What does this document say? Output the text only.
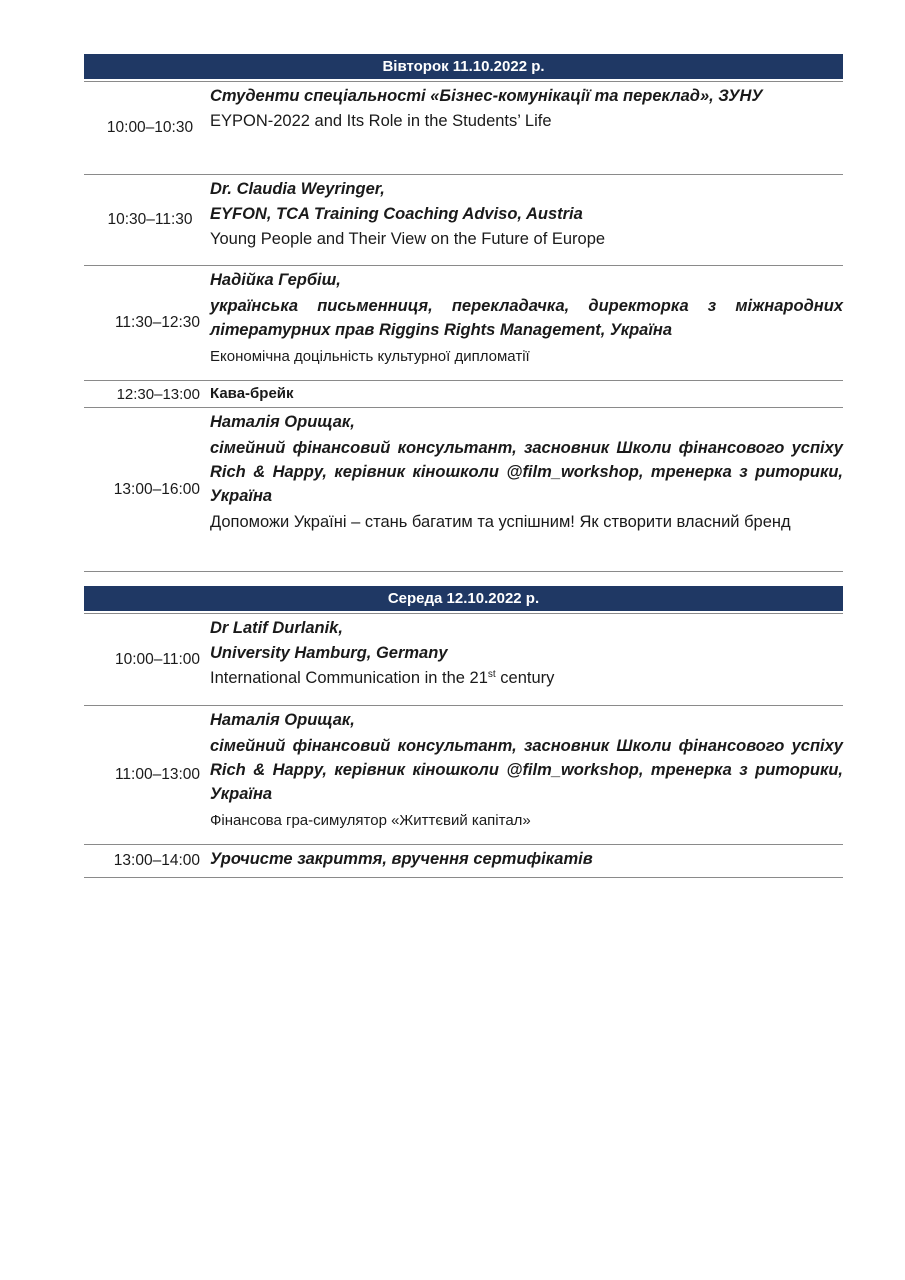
Вівторок 11.10.2022 р.
10:00–10:30
Студенти спеціальності «Бізнес-комунікації та переклад», ЗУНУ
EYPON-2022 and Its Role in the Students’ Life
10:30–11:30
Dr. Claudia Weyringer,
EYFON, TCA Training Coaching Adviso, Austria
Young People and Their View on the Future of Europe
11:30–12:30
Надійка Гербіш,
українська письменниця, перекладачка, директорка з міжнародних літературних прав Riggins Rights Management, Україна
Економічна доцільність культурної дипломатії
12:30–13:00 Кава-брейк
13:00–16:00
Наталія Орищак,
сімейний фінансовий консультант, засновник Школи фінансового успіху Rich & Happy, керівник кіношколи @film_workshop, тренерка з риторики, Україна
Допоможи Україні – стань багатим та успішним! Як створити власний бренд
Середа 12.10.2022 р.
10:00–11:00
Dr Latif Durlanik,
University Hamburg, Germany
International Communication in the 21st century
11:00–13:00
Наталія Орищак,
сімейний фінансовий консультант, засновник Школи фінансового успіху Rich & Happy, керівник кіношколи @film_workshop, тренерка з риторики, Україна
Фінансова гра-симулятор «Життєвий капітал»
13:00–14:00 Урочисте закриття, вручення сертифікатів
